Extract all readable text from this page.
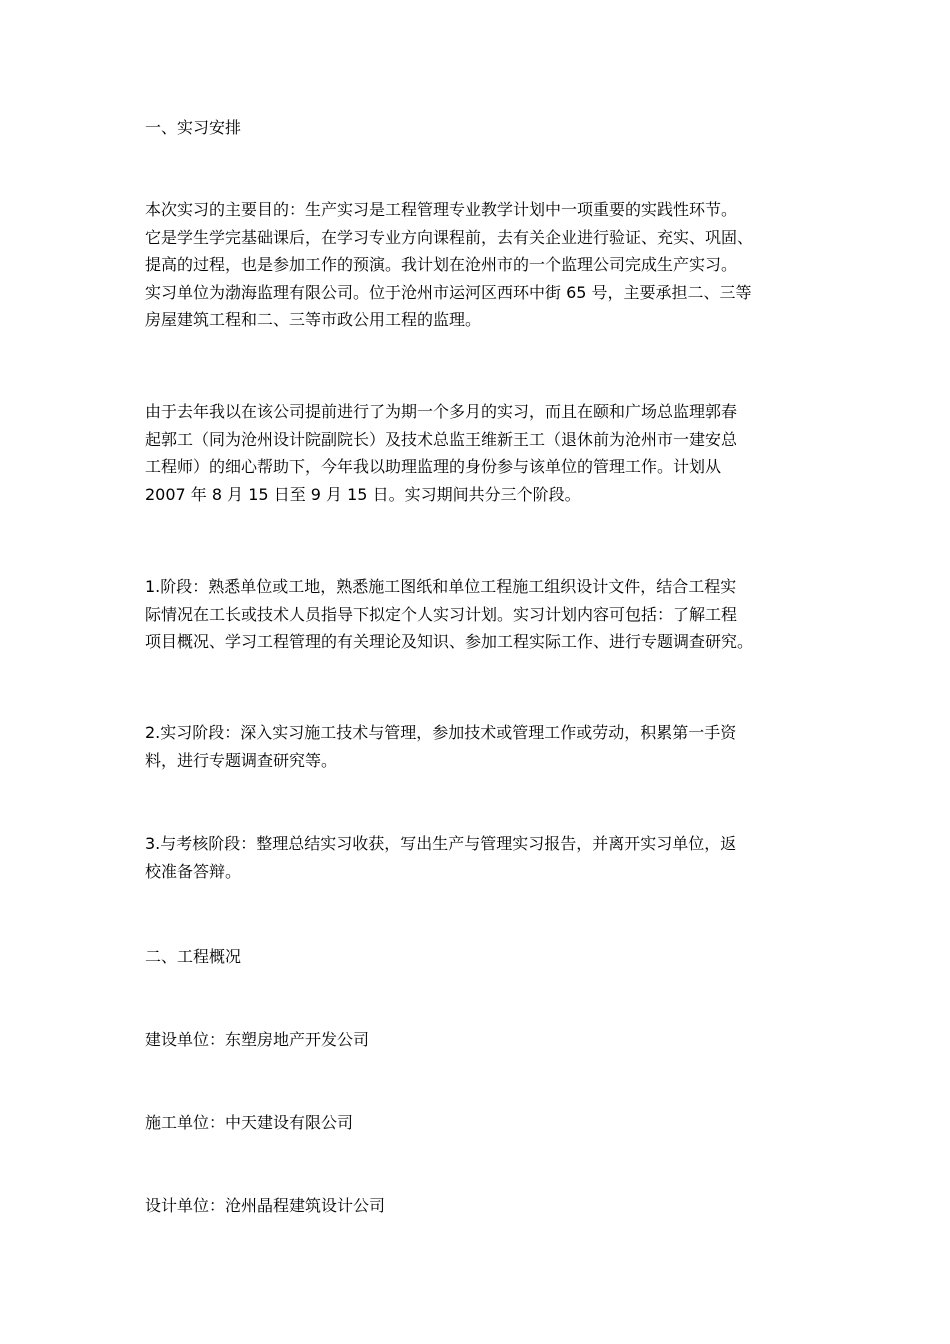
一、实习安排
本次实习的主要目的：生产实习是工程管理专业教学计划中一项重要的实践性环节。
它是学生学完基础课后，在学习专业方向课程前，去有关企业进行验证、充实、巩固、
提高的过程，也是参加工作的预演。我计划在沧州市的一个监理公司完成生产实习。
实习单位为渤海监理有限公司。位于沧州市运河区西环中街 65 号，主要承担二、三等
房屋建筑工程和二、三等市政公用工程的监理。
由于去年我以在该公司提前进行了为期一个多月的实习，而且在颐和广场总监理郭春
起郭工（同为沧州设计院副院长）及技术总监王维新王工（退休前为沧州市一建安总
工程师）的细心帮助下，今年我以助理监理的身份参与该单位的管理工作。计划从
2007 年 8 月 15 日至 9 月 15 日。实习期间共分三个阶段。
1.阶段：熟悉单位或工地，熟悉施工图纸和单位工程施工组织设计文件，结合工程实
际情况在工长或技术人员指导下拟定个人实习计划。实习计划内容可包括：了解工程
项目概况、学习工程管理的有关理论及知识、参加工程实际工作、进行专题调查研究。
2.实习阶段：深入实习施工技术与管理，参加技术或管理工作或劳动，积累第一手资
料，进行专题调查研究等。
3.与考核阶段：整理总结实习收获，写出生产与管理实习报告，并离开实习单位，返
校准备答辩。
二、工程概况
建设单位：东塑房地产开发公司
施工单位：中天建设有限公司
设计单位：沧州晶程建筑设计公司
